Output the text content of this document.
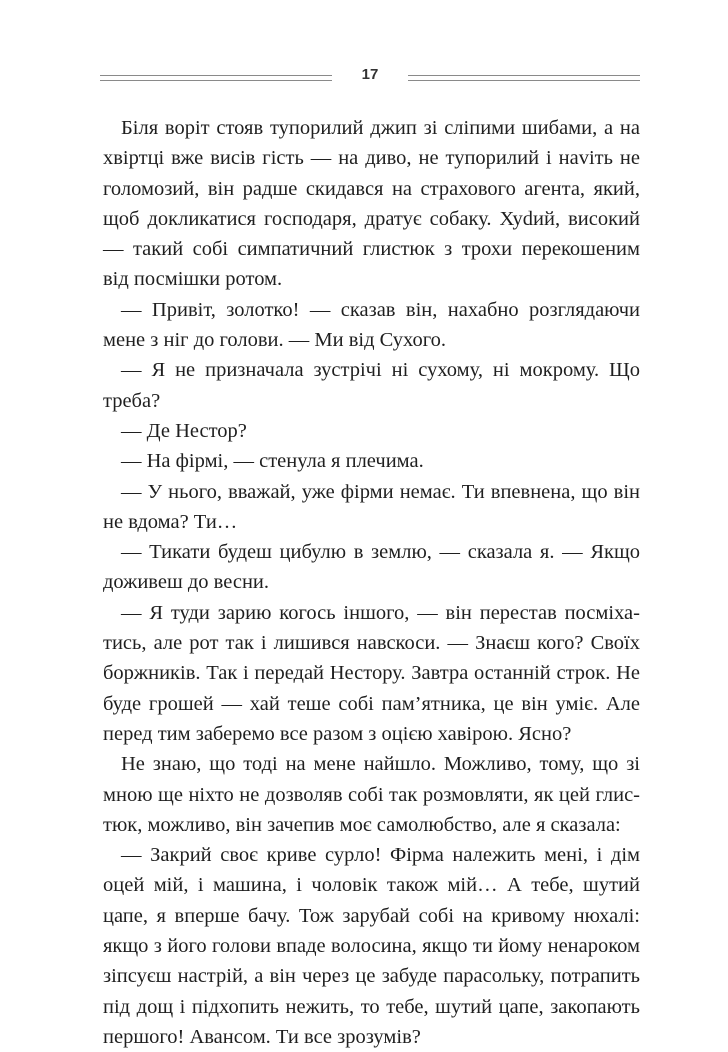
17

Біля воріт стояв тупорилий джип зі сліпими шибами, а на хвіртці вже висів гість — на диво, не тупорилий і наvіть не голомозий, він радше скидався на страхового агента, який, щоб докликатися господаря, дратує собаку. Хуdий, високий — такий собі симпатичний глистюк з трохи перекошеним від посмішки ротом.

— Привіт, золотко! — сказав він, нахабно розглядаючи мене з ніг до голови. — Ми від Сухого.

— Я не призначала зустрічі ні сухому, ні мокрому. Що треба?

— Де Нестор?

— На фірмі, — стенула я плечима.

— У нього, вважай, уже фірми немає. Ти впевнена, що він не вдома? Ти…

— Тикати будеш цибулю в землю, — сказала я. — Якщо доживеш до весни.

— Я туди зарию когось іншого, — він перестав посміхатись, але рот так і лишився навскоси. — Знаєш кого? Своїх боржників. Так і передай Нестору. Завтра останній строк. Не буде грошей — хай теше собі пам’ятника, це він уміє. Але перед тим заберемо все разом з оцією хавірою. Ясно?

Не знаю, що тоді на мене найшло. Можливо, тому, що зі мною ще ніхто не дозволяв собі так розмовляти, як цей глистюк, можливо, він зачепив моє самолюбство, але я сказала:

— Закрий своє криве сурло! Фірма належить мені, і дім оцей мій, і машина, і чоловік також мій… А тебе, шутий цапе, я вперше бачу. Тож зарубай собі на кривому нюхалі: якщо з його голови впаде волосина, якщо ти йому ненароком зіпсуєш настрій, а він через це забуде парасольку, потрапить під дощ і підхопить нежить, то тебе, шутий цапе, закопають першого! Авансом. Ти все зрозумів?
